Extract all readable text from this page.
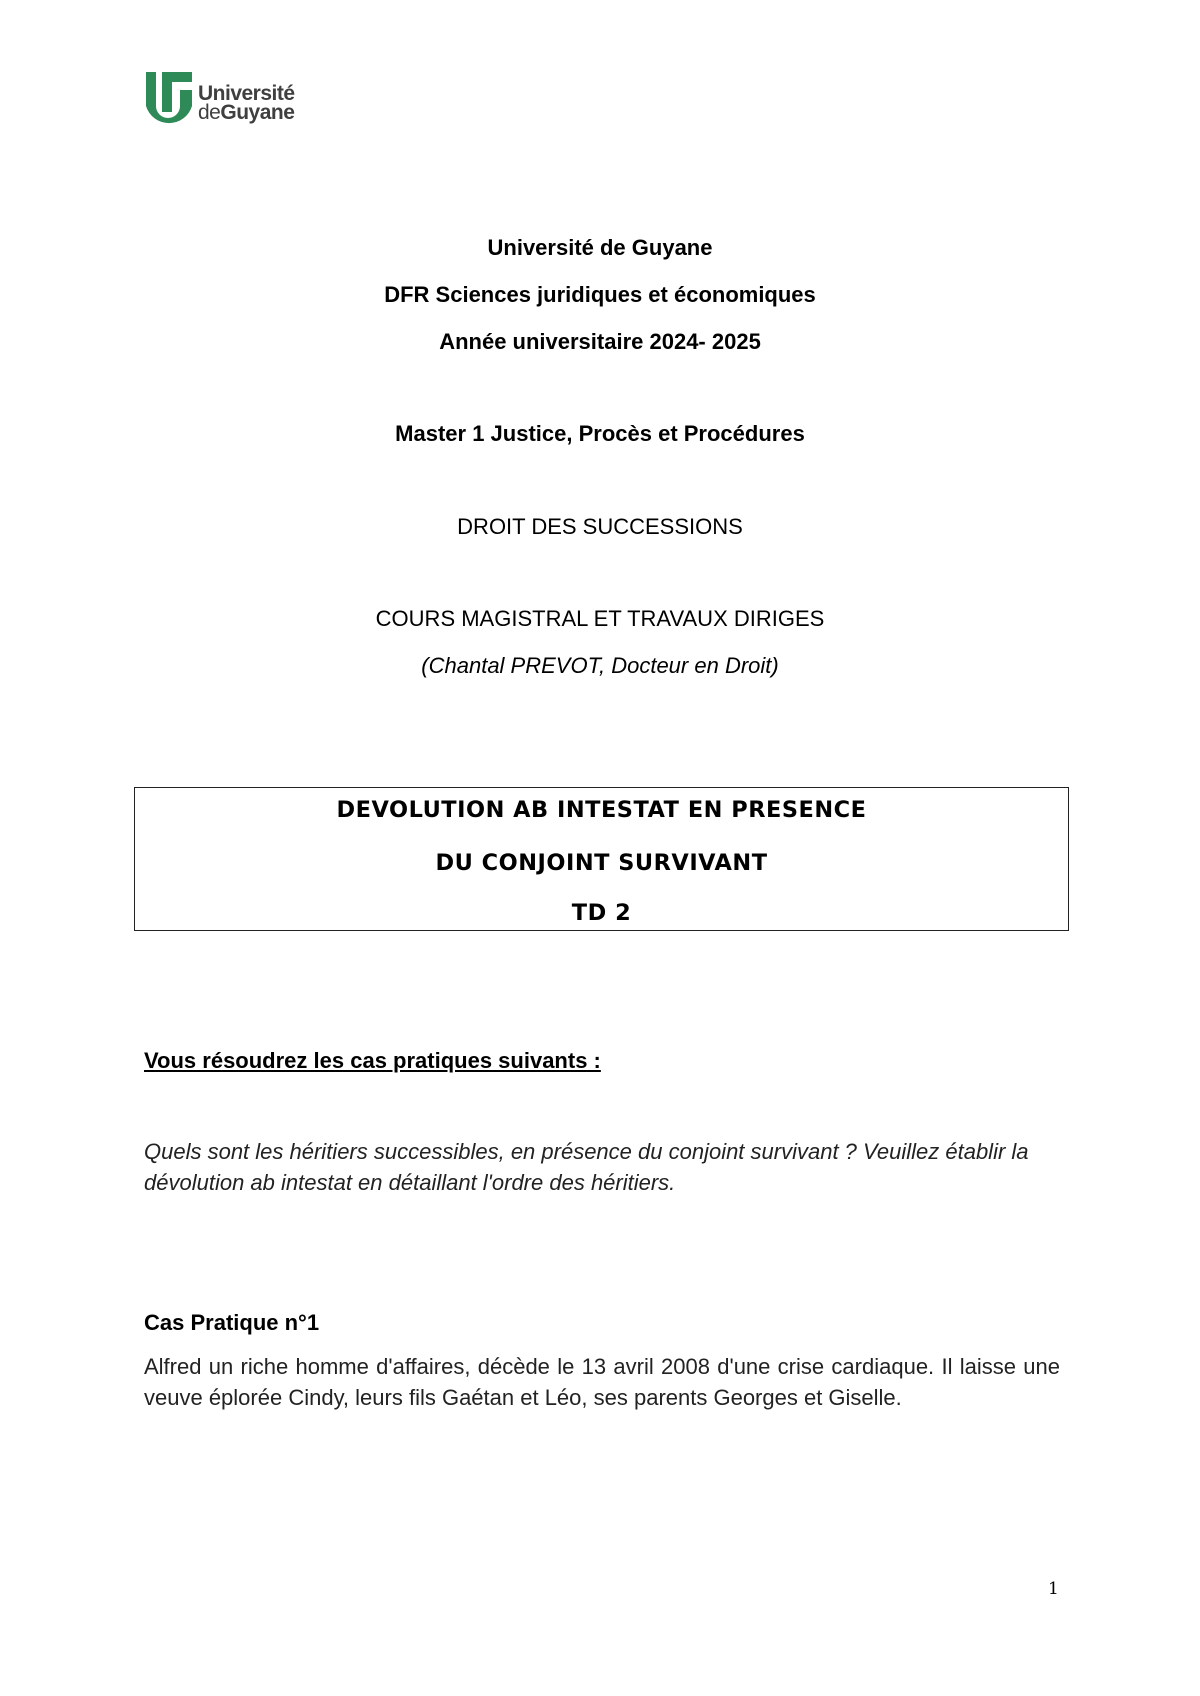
Université
deGuyane
Université de Guyane
DFR Sciences juridiques et économiques
Année universitaire 2024- 2025
Master 1 Justice, Procès et Procédures
DROIT DES SUCCESSIONS
COURS MAGISTRAL ET TRAVAUX DIRIGES
(Chantal PREVOT, Docteur en Droit)
DEVOLUTION AB INTESTAT EN PRESENCE
DU CONJOINT SURVIVANT
TD 2
Vous résoudrez les cas pratiques suivants :
Quels sont les héritiers successibles, en présence du conjoint survivant ? Veuillez établir la dévolution ab intestat en détaillant l'ordre des héritiers.
Cas Pratique n°1
Alfred un riche homme d'affaires, décède le 13 avril 2008 d'une crise cardiaque. Il laisse une veuve éplorée Cindy, leurs fils Gaétan et Léo, ses parents Georges et Giselle.
1
